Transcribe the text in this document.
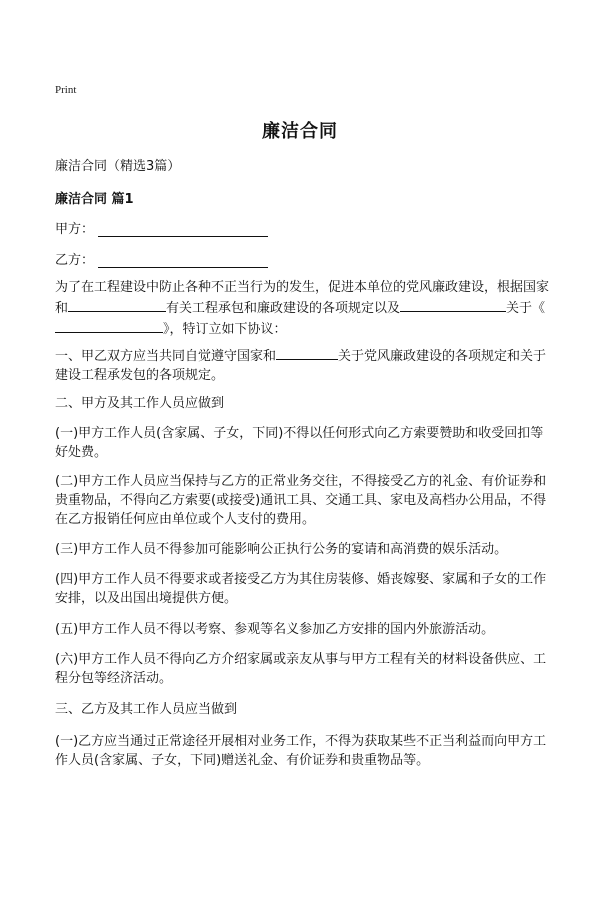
Print
廉洁合同
廉洁合同（精选3篇）
廉洁合同 篇1
甲方：
乙方：

为了在工程建设中防止各种不正当行为的发生，促进本单位的党风廉政建设，根据国家和	有关工程承包和廉政建设的各项规定以及	关于《》，特订立如下协议：

一、甲乙双方应当共同自觉遵守国家和	关于党风廉政建设的各项规定和关于建设工程承发包的各项规定。

二、甲方及其工作人员应做到

(一)甲方工作人员(含家属、子女，下同)不得以任何形式向乙方索要赞助和收受回扣等好处费。

(二)甲方工作人员应当保持与乙方的正常业务交往，不得接受乙方的礼金、有价证券和贵重物品，不得向乙方索要(或接受)通讯工具、交通工具、家电及高档办公用品，不得在乙方报销任何应由单位或个人支付的费用。

(三)甲方工作人员不得参加可能影响公正执行公务的宴请和高消费的娱乐活动。

(四)甲方工作人员不得要求或者接受乙方为其住房装修、婚丧嫁娶、家属和子女的工作安排，以及出国出境提供方便。

(五)甲方工作人员不得以考察、参观等名义参加乙方安排的国内外旅游活动。

(六)甲方工作人员不得向乙方介绍家属或亲友从事与甲方工程有关的材料设备供应、工程分包等经济活动。

三、乙方及其工作人员应当做到

(一)乙方应当通过正常途径开展相对业务工作，不得为获取某些不正当利益而向甲方工作人员(含家属、子女，下同)赠送礼金、有价证券和贵重物品等。
